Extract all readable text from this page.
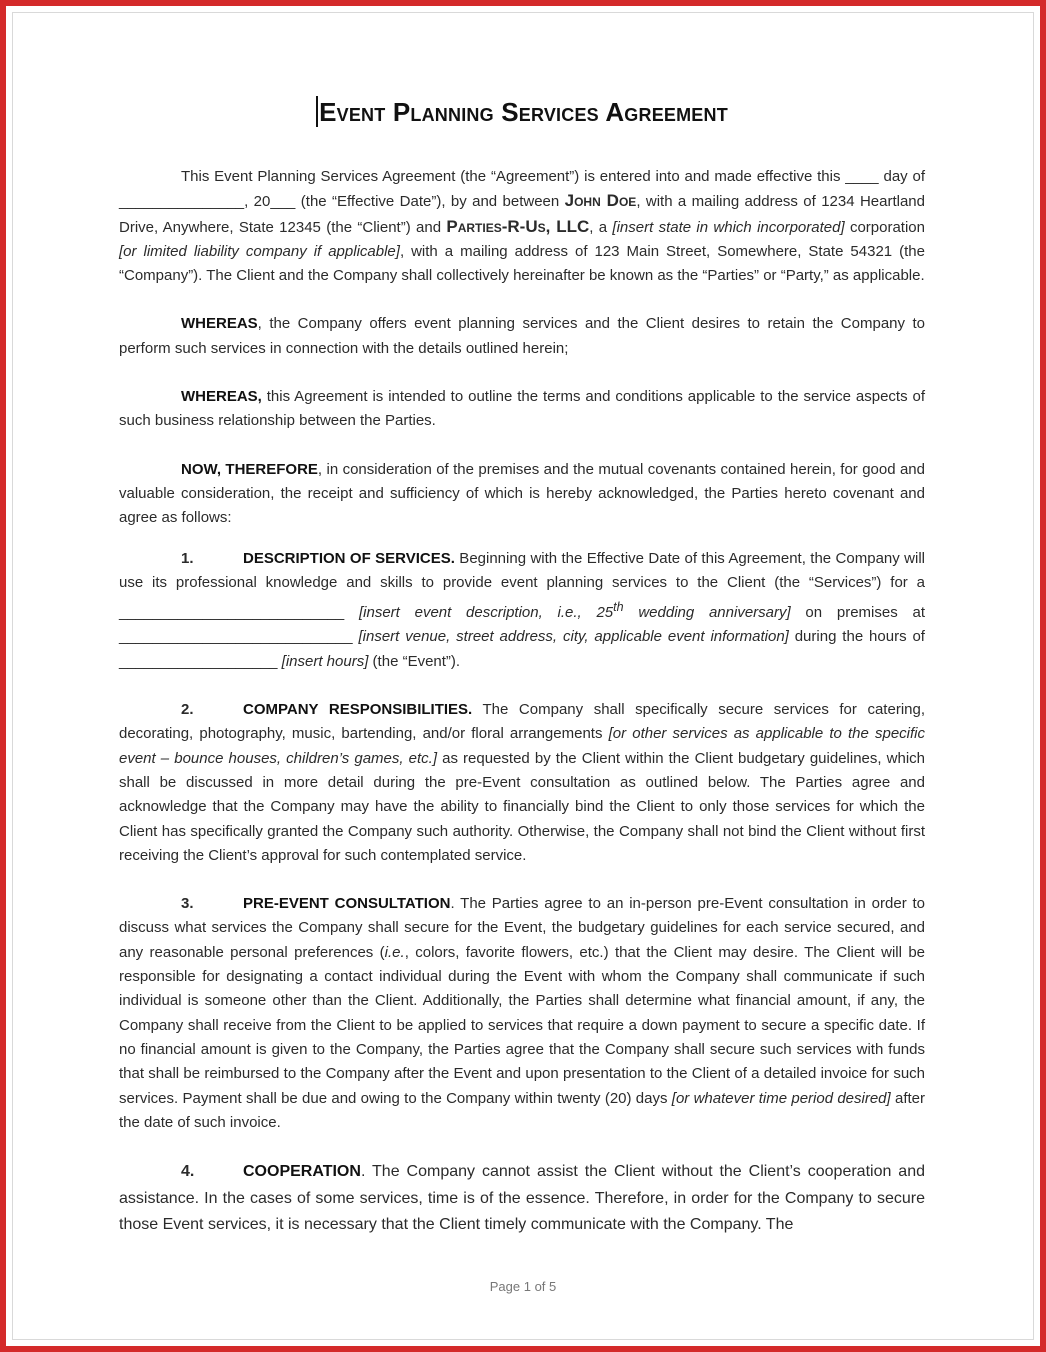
Event Planning Services Agreement

This Event Planning Services Agreement (the “Agreement”) is entered into and made effective this ____ day of _______________, 20___ (the “Effective Date”), by and between John Doe, with a mailing address of 1234 Heartland Drive, Anywhere, State 12345 (the “Client”) and Parties-R-Us, LLC, a [insert state in which incorporated] corporation [or limited liability company if applicable], with a mailing address of 123 Main Street, Somewhere, State 54321 (the “Company”). The Client and the Company shall collectively hereinafter be known as the “Parties” or “Party,” as applicable.

WHEREAS, the Company offers event planning services and the Client desires to retain the Company to perform such services in connection with the details outlined herein;

WHEREAS, this Agreement is intended to outline the terms and conditions applicable to the service aspects of such business relationship between the Parties.

NOW, THEREFORE, in consideration of the premises and the mutual covenants contained herein, for good and valuable consideration, the receipt and sufficiency of which is hereby acknowledged, the Parties hereto covenant and agree as follows:

1.	DESCRIPTION OF SERVICES. Beginning with the Effective Date of this Agreement, the Company will use its professional knowledge and skills to provide event planning services to the Client (the “Services”) for a ___________________________ [insert event description, i.e., 25th wedding anniversary] on premises at ____________________________ [insert venue, street address, city, applicable event information] during the hours of ___________________ [insert hours] (the “Event”).

2.	COMPANY RESPONSIBILITIES. The Company shall specifically secure services for catering, decorating, photography, music, bartending, and/or floral arrangements [or other services as applicable to the specific event – bounce houses, children’s games, etc.] as requested by the Client within the Client budgetary guidelines, which shall be discussed in more detail during the pre-Event consultation as outlined below. The Parties agree and acknowledge that the Company may have the ability to financially bind the Client to only those services for which the Client has specifically granted the Company such authority. Otherwise, the Company shall not bind the Client without first receiving the Client’s approval for such contemplated service.

3.	PRE-EVENT CONSULTATION. The Parties agree to an in-person pre-Event consultation in order to discuss what services the Company shall secure for the Event, the budgetary guidelines for each service secured, and any reasonable personal preferences (i.e., colors, favorite flowers, etc.) that the Client may desire. The Client will be responsible for designating a contact individual during the Event with whom the Company shall communicate if such individual is someone other than the Client. Additionally, the Parties shall determine what financial amount, if any, the Company shall receive from the Client to be applied to services that require a down payment to secure a specific date. If no financial amount is given to the Company, the Parties agree that the Company shall secure such services with funds that shall be reimbursed to the Company after the Event and upon presentation to the Client of a detailed invoice for such services. Payment shall be due and owing to the Company within twenty (20) days [or whatever time period desired] after the date of such invoice.

4.	COOPERATION. The Company cannot assist the Client without the Client’s cooperation and assistance. In the cases of some services, time is of the essence. Therefore, in order for the Company to secure those Event services, it is necessary that the Client timely communicate with the Company. The

Page 1 of 5
